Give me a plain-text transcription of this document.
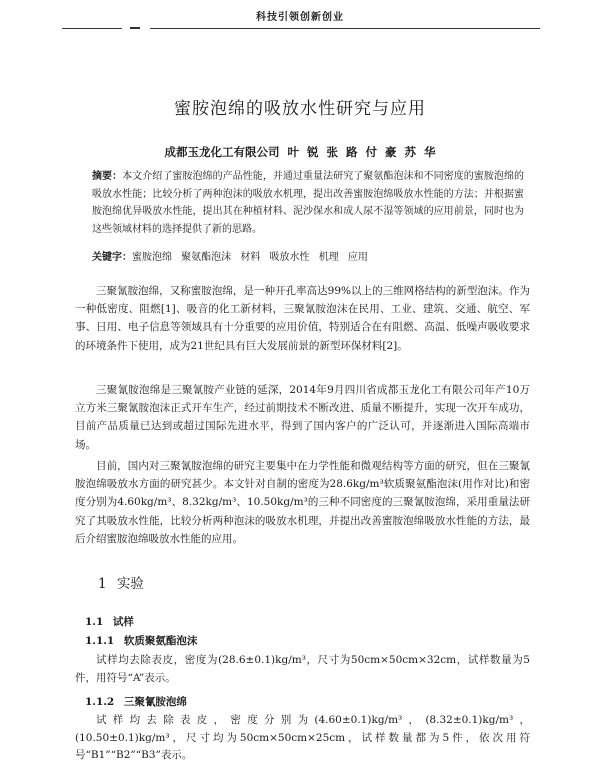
科技引领创新创业
蜜胺泡绵的吸放水性研究与应用
成都玉龙化工有限公司 叶 锐 张 路 付 豪 苏 华
摘要：本文介绍了蜜胺泡绵的产品性能，并通过重量法研究了聚氨酯泡沫和不同密度的蜜胺泡绵的吸放水性能；比较分析了两种泡沫的吸放水机理，提出改善蜜胺泡绵吸放水性能的方法；并根据蜜胺泡绵优异吸放水性能，提出其在种植材料、泥沙保水和成人尿不湿等领域的应用前景，同时也为这些领域材料的选择提供了新的思路。
关键字：蜜胺泡绵 聚氨酯泡沫 材料 吸放水性 机理 应用
三聚氰胺泡绵，又称蜜胺泡绵，是一种开孔率高达99%以上的三维网格结构的新型泡沫。作为一种低密度、阻燃[1]、吸音的化工新材料，三聚氰胺泡沫在民用、工业、建筑、交通、航空、军事、日用、电子信息等领域具有十分重要的应用价值，特别适合在有阻燃、高温、低噪声吸收要求的环境条件下使用，成为21世纪具有巨大发展前景的新型环保材料[2]。
三聚氰胺泡绵是三聚氰胺产业链的延深，2014年9月四川省成都玉龙化工有限公司年产10万立方米三聚氰胺泡沫正式开车生产，经过前期技术不断改进、质量不断提升，实现一次开车成功，目前产品质量已达到或超过国际先进水平，得到了国内客户的广泛认可，并逐渐进入国际高端市场。
目前，国内对三聚氰胺泡绵的研究主要集中在力学性能和微观结构等方面的研究，但在三聚氰胺泡绵吸放水方面的研究甚少。本文针对自制的密度为28.6kg/m³软质聚氨酯泡沫(用作对比)和密度分别为4.60kg/m³、8.32kg/m³、10.50kg/m³的三种不同密度的三聚氰胺泡绵，采用重量法研究了其吸放水性能，比较分析两种泡沫的吸放水机理，并提出改善蜜胺泡绵吸放水性能的方法，最后介绍蜜胺泡绵吸放水性能的应用。
1 实验
1.1 试样
1.1.1 软质聚氨酯泡沫
试样均去除表皮，密度为(28.6±0.1)kg/m³，尺寸为50cm×50cm×32cm，试样数量为5件，用符号“A”表示。
1.1.2 三聚氰胺泡绵
试样均去除表皮，密度分别为(4.60±0.1)kg/m³，(8.32±0.1)kg/m³，(10.50±0.1)kg/m³，尺寸均为50cm×50cm×25cm，试样数量都为5件，依次用符号“B1”“B2”“B3”表示。
